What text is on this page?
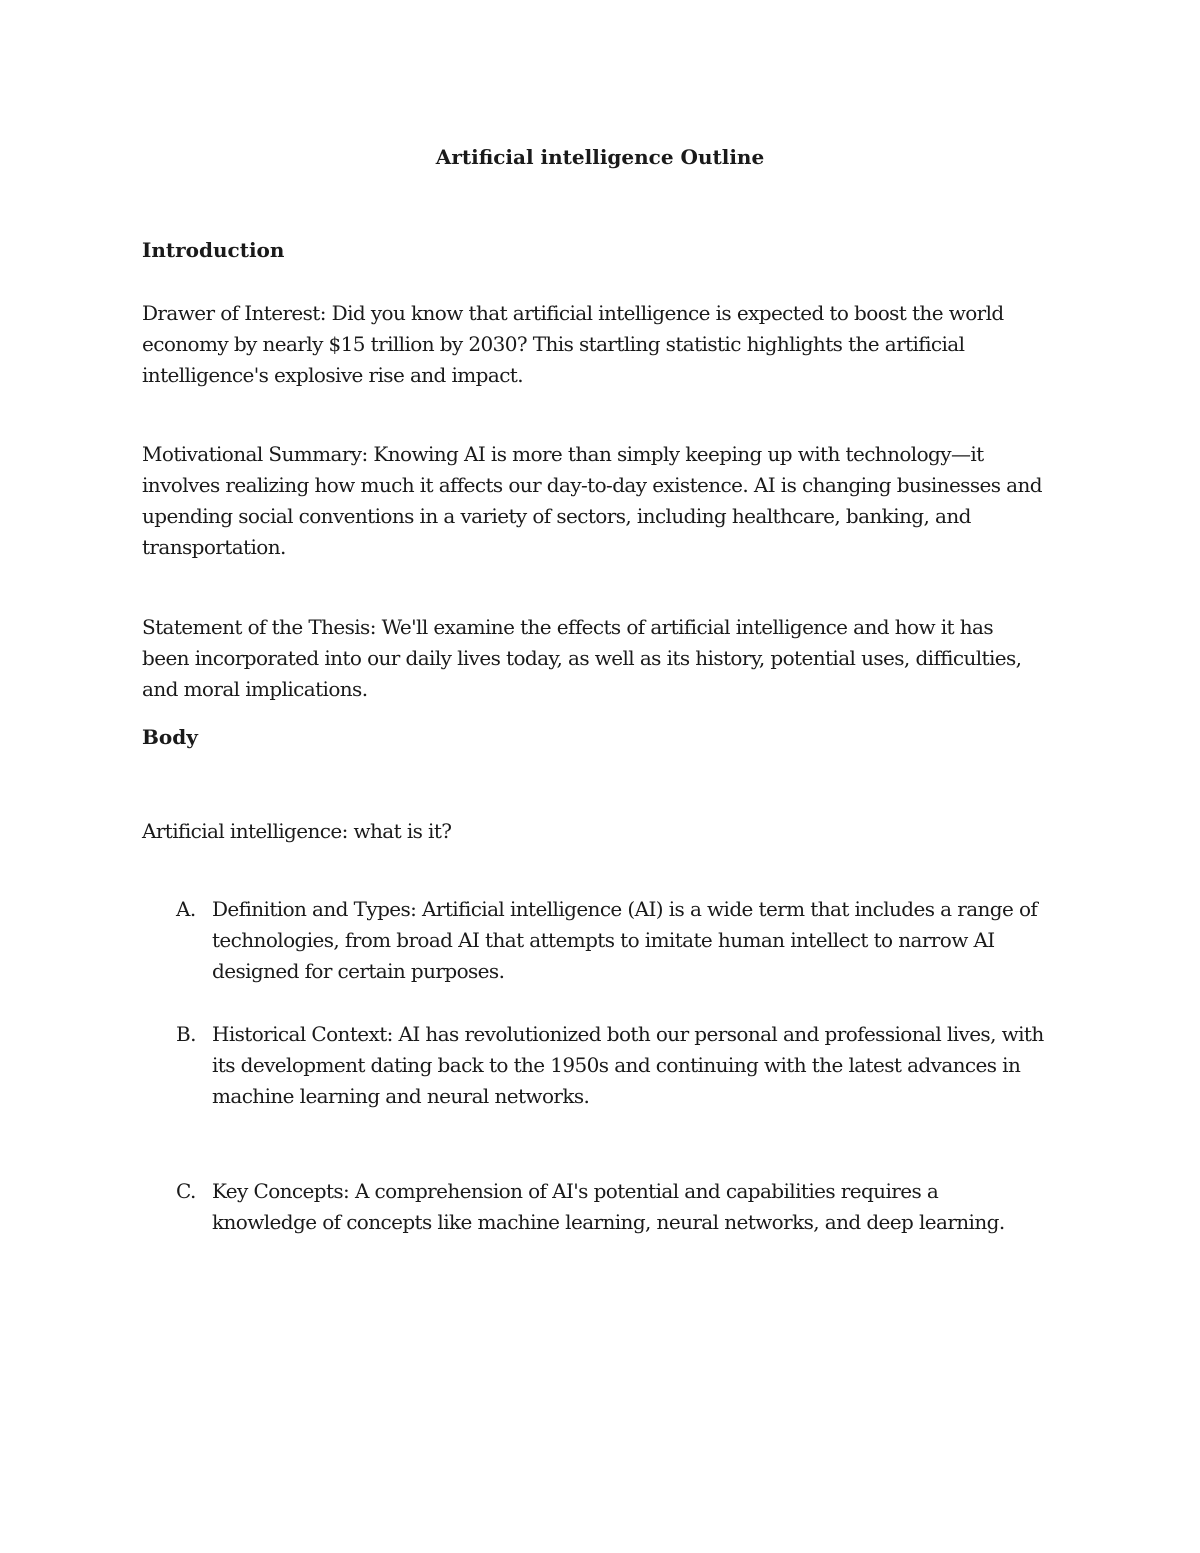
Artificial intelligence Outline
Introduction
Drawer of Interest: Did you know that artificial intelligence is expected to boost the world economy by nearly $15 trillion by 2030? This startling statistic highlights the artificial intelligence's explosive rise and impact.
Motivational Summary: Knowing AI is more than simply keeping up with technology—it involves realizing how much it affects our day-to-day existence. AI is changing businesses and upending social conventions in a variety of sectors, including healthcare, banking, and transportation.
Statement of the Thesis: We'll examine the effects of artificial intelligence and how it has been incorporated into our daily lives today, as well as its history, potential uses, difficulties, and moral implications.
Body
Artificial intelligence: what is it?
A. Definition and Types: Artificial intelligence (AI) is a wide term that includes a range of technologies, from broad AI that attempts to imitate human intellect to narrow AI designed for certain purposes.
B. Historical Context: AI has revolutionized both our personal and professional lives, with its development dating back to the 1950s and continuing with the latest advances in machine learning and neural networks.
C. Key Concepts: A comprehension of AI's potential and capabilities requires a knowledge of concepts like machine learning, neural networks, and deep learning.
